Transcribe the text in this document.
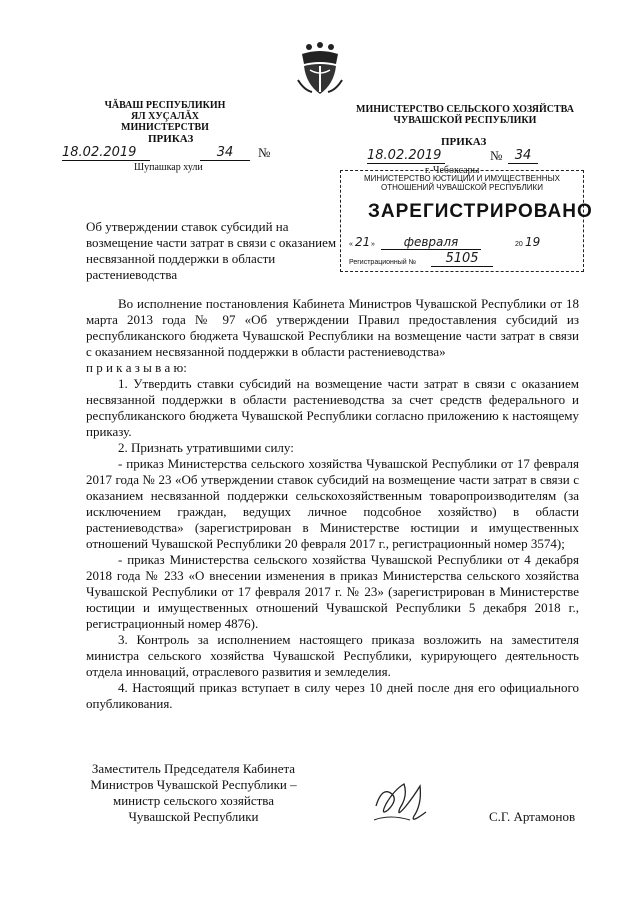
ЧĂВАШ РЕСПУБЛИКИН
ЯЛ ХУÇАЛĂХ МИНИСТЕРСТВИ
ПРИКАЗ
18.02.2019	34	№
Шупашкар хули
МИНИСТЕРСТВО СЕЛЬСКОГО ХОЗЯЙСТВА
ЧУВАШСКОЙ РЕСПУБЛИКИ
ПРИКАЗ
18.02.2019	№ 34
г. Чебоксары
МИНИСТЕРСТВО ЮСТИЦИИ И ИМУЩЕСТВЕННЫХ
ОТНОШЕНИЙ ЧУВАШСКОЙ РЕСПУБЛИКИ
ЗАРЕГИСТРИРОВАНО
« 21 »	февраля	20 19
Регистрационный №	5105
Об утверждении ставок субсидий на возмещение части затрат в связи с оказанием несвязанной поддержки в области растениеводства

Во исполнение постановления Кабинета Министров Чувашской Республики от 18 марта 2013 года № 97 «Об утверждении Правил предоставления субсидий из республиканского бюджета Чувашской Республики на возмещение части затрат в связи с оказанием несвязанной поддержки в области растениеводства»

п р и к а з ы в а ю:

1. Утвердить ставки субсидий на возмещение части затрат в связи с оказанием несвязанной поддержки в области растениеводства за счет средств федерального и республиканского бюджета Чувашской Республики согласно приложению к настоящему приказу.

2. Признать утратившими силу:

- приказ Министерства сельского хозяйства Чувашской Республики от 17 февраля 2017 года № 23 «Об утверждении ставок субсидий на возмещение части затрат в связи с оказанием несвязанной поддержки сельскохозяйственным товаропроизводителям (за исключением граждан, ведущих личное подсобное хозяйство) в области растениеводства» (зарегистрирован в Министерстве юстиции и имущественных отношений Чувашской Республики 20 февраля 2017 г., регистрационный номер 3574);

- приказ Министерства сельского хозяйства Чувашской Республики от 4 декабря 2018 года № 233 «О внесении изменения в приказ Министерства сельского хозяйства Чувашской Республики от 17 февраля 2017 г. № 23» (зарегистрирован в Министерстве юстиции и имущественных отношений Чувашской Республики 5 декабря 2018 г., регистрационный номер 4876).

3. Контроль за исполнением настоящего приказа возложить на заместителя министра сельского хозяйства Чувашской Республики, курирующего деятельность отдела инноваций, отраслевого развития и земледелия.

4. Настоящий приказ вступает в силу через 10 дней после дня его официального опубликования.

Заместитель Председателя Кабинета
Министров Чувашской Республики –
министр сельского хозяйства
Чувашской Республики	С.Г. Артамонов
